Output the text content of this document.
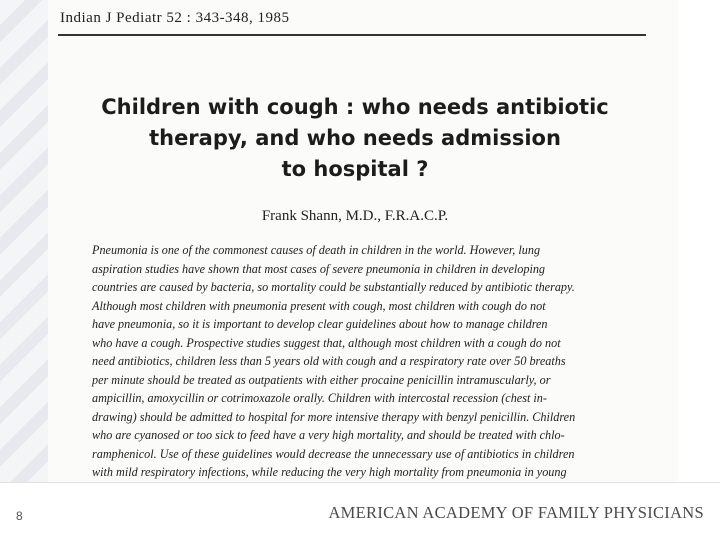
Indian J Pediatr 52 : 343-348, 1985
Children with cough : who needs antibiotic
therapy, and who needs admission
to hospital ?
Frank Shann, M.D., F.R.A.C.P.

Pneumonia is one of the commonest causes of death in children in the world. However, lung
aspiration studies have shown that most cases of severe pneumonia in children in developing
countries are caused by bacteria, so mortality could be substantially reduced by antibiotic therapy.
Although most children with pneumonia present with cough, most children with cough do not
have pneumonia, so it is important to develop clear guidelines about how to manage children
who have a cough. Prospective studies suggest that, although most children with a cough do not
need antibiotics, children less than 5 years old with cough and a respiratory rate over 50 breaths
per minute should be treated as outpatients with either procaine penicillin intramuscularly, or
ampicillin, amoxycillin or cotrimoxazole orally. Children with intercostal recession (chest in-
drawing) should be admitted to hospital for more intensive therapy with benzyl penicillin. Children
who are cyanosed or too sick to feed have a very high mortality, and should be treated with chlo-
ramphenicol. Use of these guidelines would decrease the unnecessary use of antibiotics in children
with mild respiratory infections, while reducing the very high mortality from pneumonia in young

8	AMERICAN ACADEMY OF FAMILY PHYSICIANS
